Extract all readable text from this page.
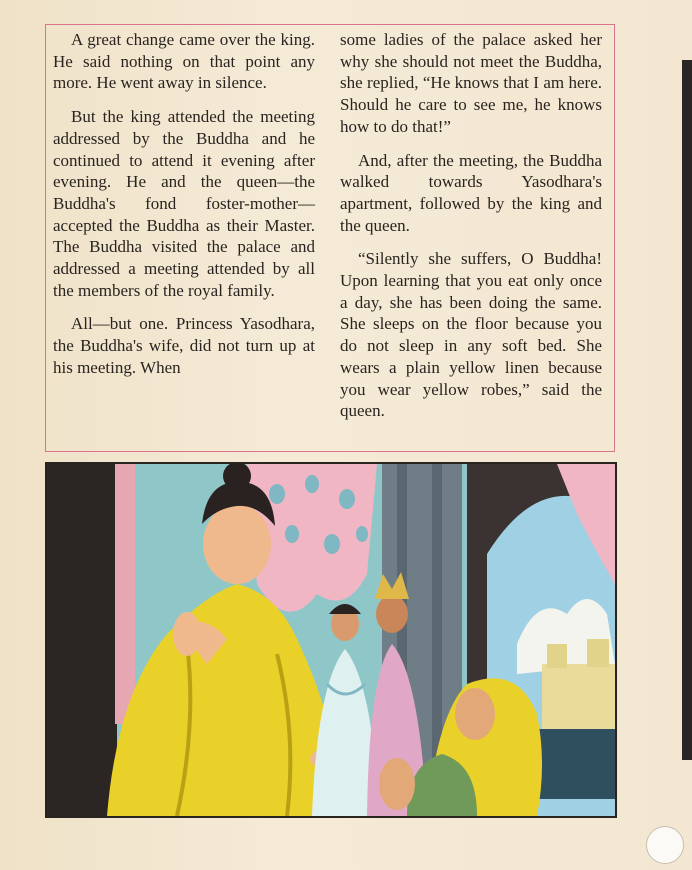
A great change came over the king. He said nothing on that point any more. He went away in silence.

But the king attended the meeting addressed by the Buddha and he continued to attend it evening after evening. He and the queen—the Buddha's fond foster-mother—accepted the Buddha as their Master. The Buddha visited the palace and addressed a meeting attended by all the members of the royal family.

All—but one. Princess Yasodhara, the Buddha's wife, did not turn up at his meeting. When

some ladies of the palace asked her why she should not meet the Buddha, she replied, “He knows that I am here. Should he care to see me, he knows how to do that!”

And, after the meeting, the Buddha walked towards Yasodhara's apartment, followed by the king and the queen.

“Silently she suffers, O Buddha! Upon learning that you eat only once a day, she has been doing the same. She sleeps on the floor because you do not sleep in any soft bed. She wears a plain yellow linen because you wear yellow robes,” said the queen.
